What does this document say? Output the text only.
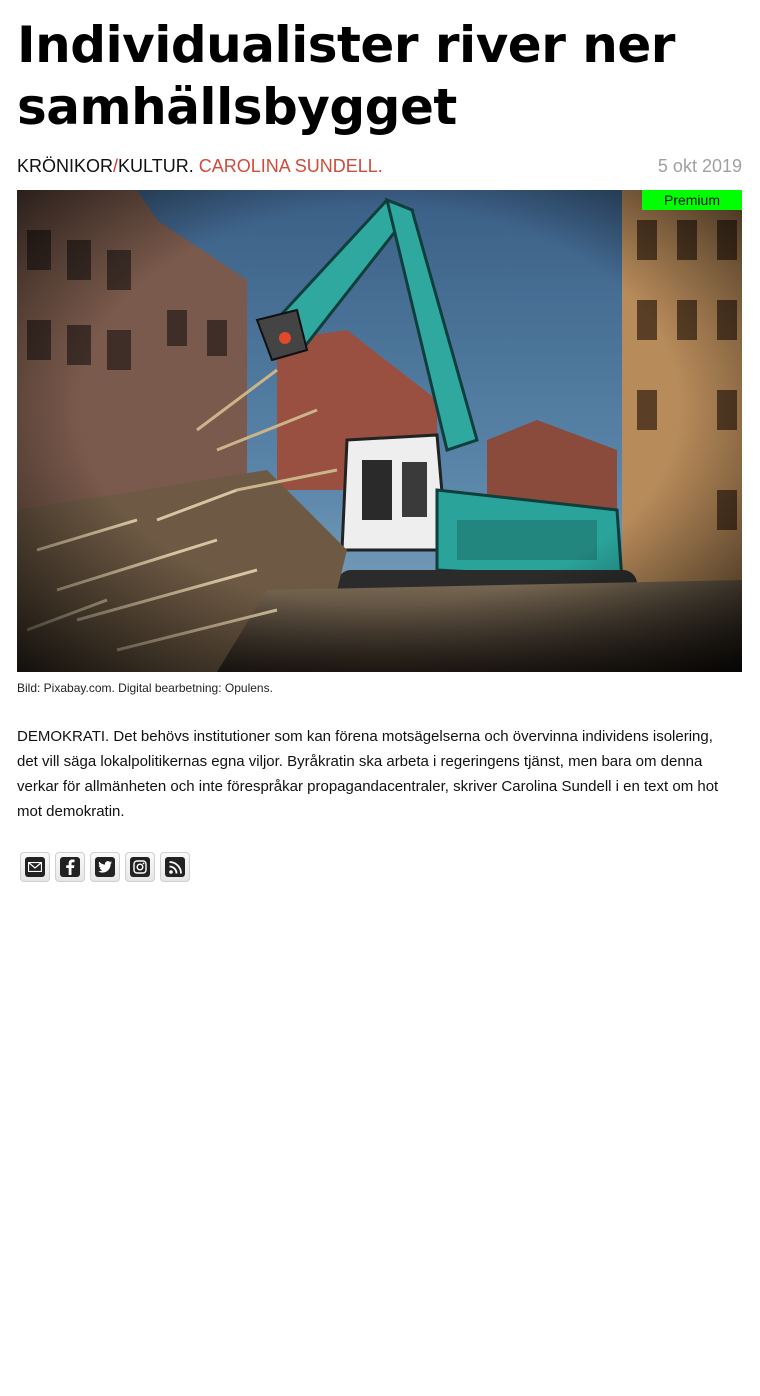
Individualister river ner samhällsbygget
KRÖNIKOR/KULTUR. CAROLINA SUNDELL.	5 okt 2019
Premium

Bild: Pixabay.com. Digital bearbetning: Opulens.

DEMOKRATI. Det behövs institutioner som kan förena motsägelserna och övervinna individens isolering, det vill säga lokalpolitikernas egna viljor. Byråkratin ska arbeta i regeringens tjänst, men bara om denna verkar för allmänheten och inte förespråkar propagandacentraler, skriver Carolina Sundell i en text om hot mot demokratin.
